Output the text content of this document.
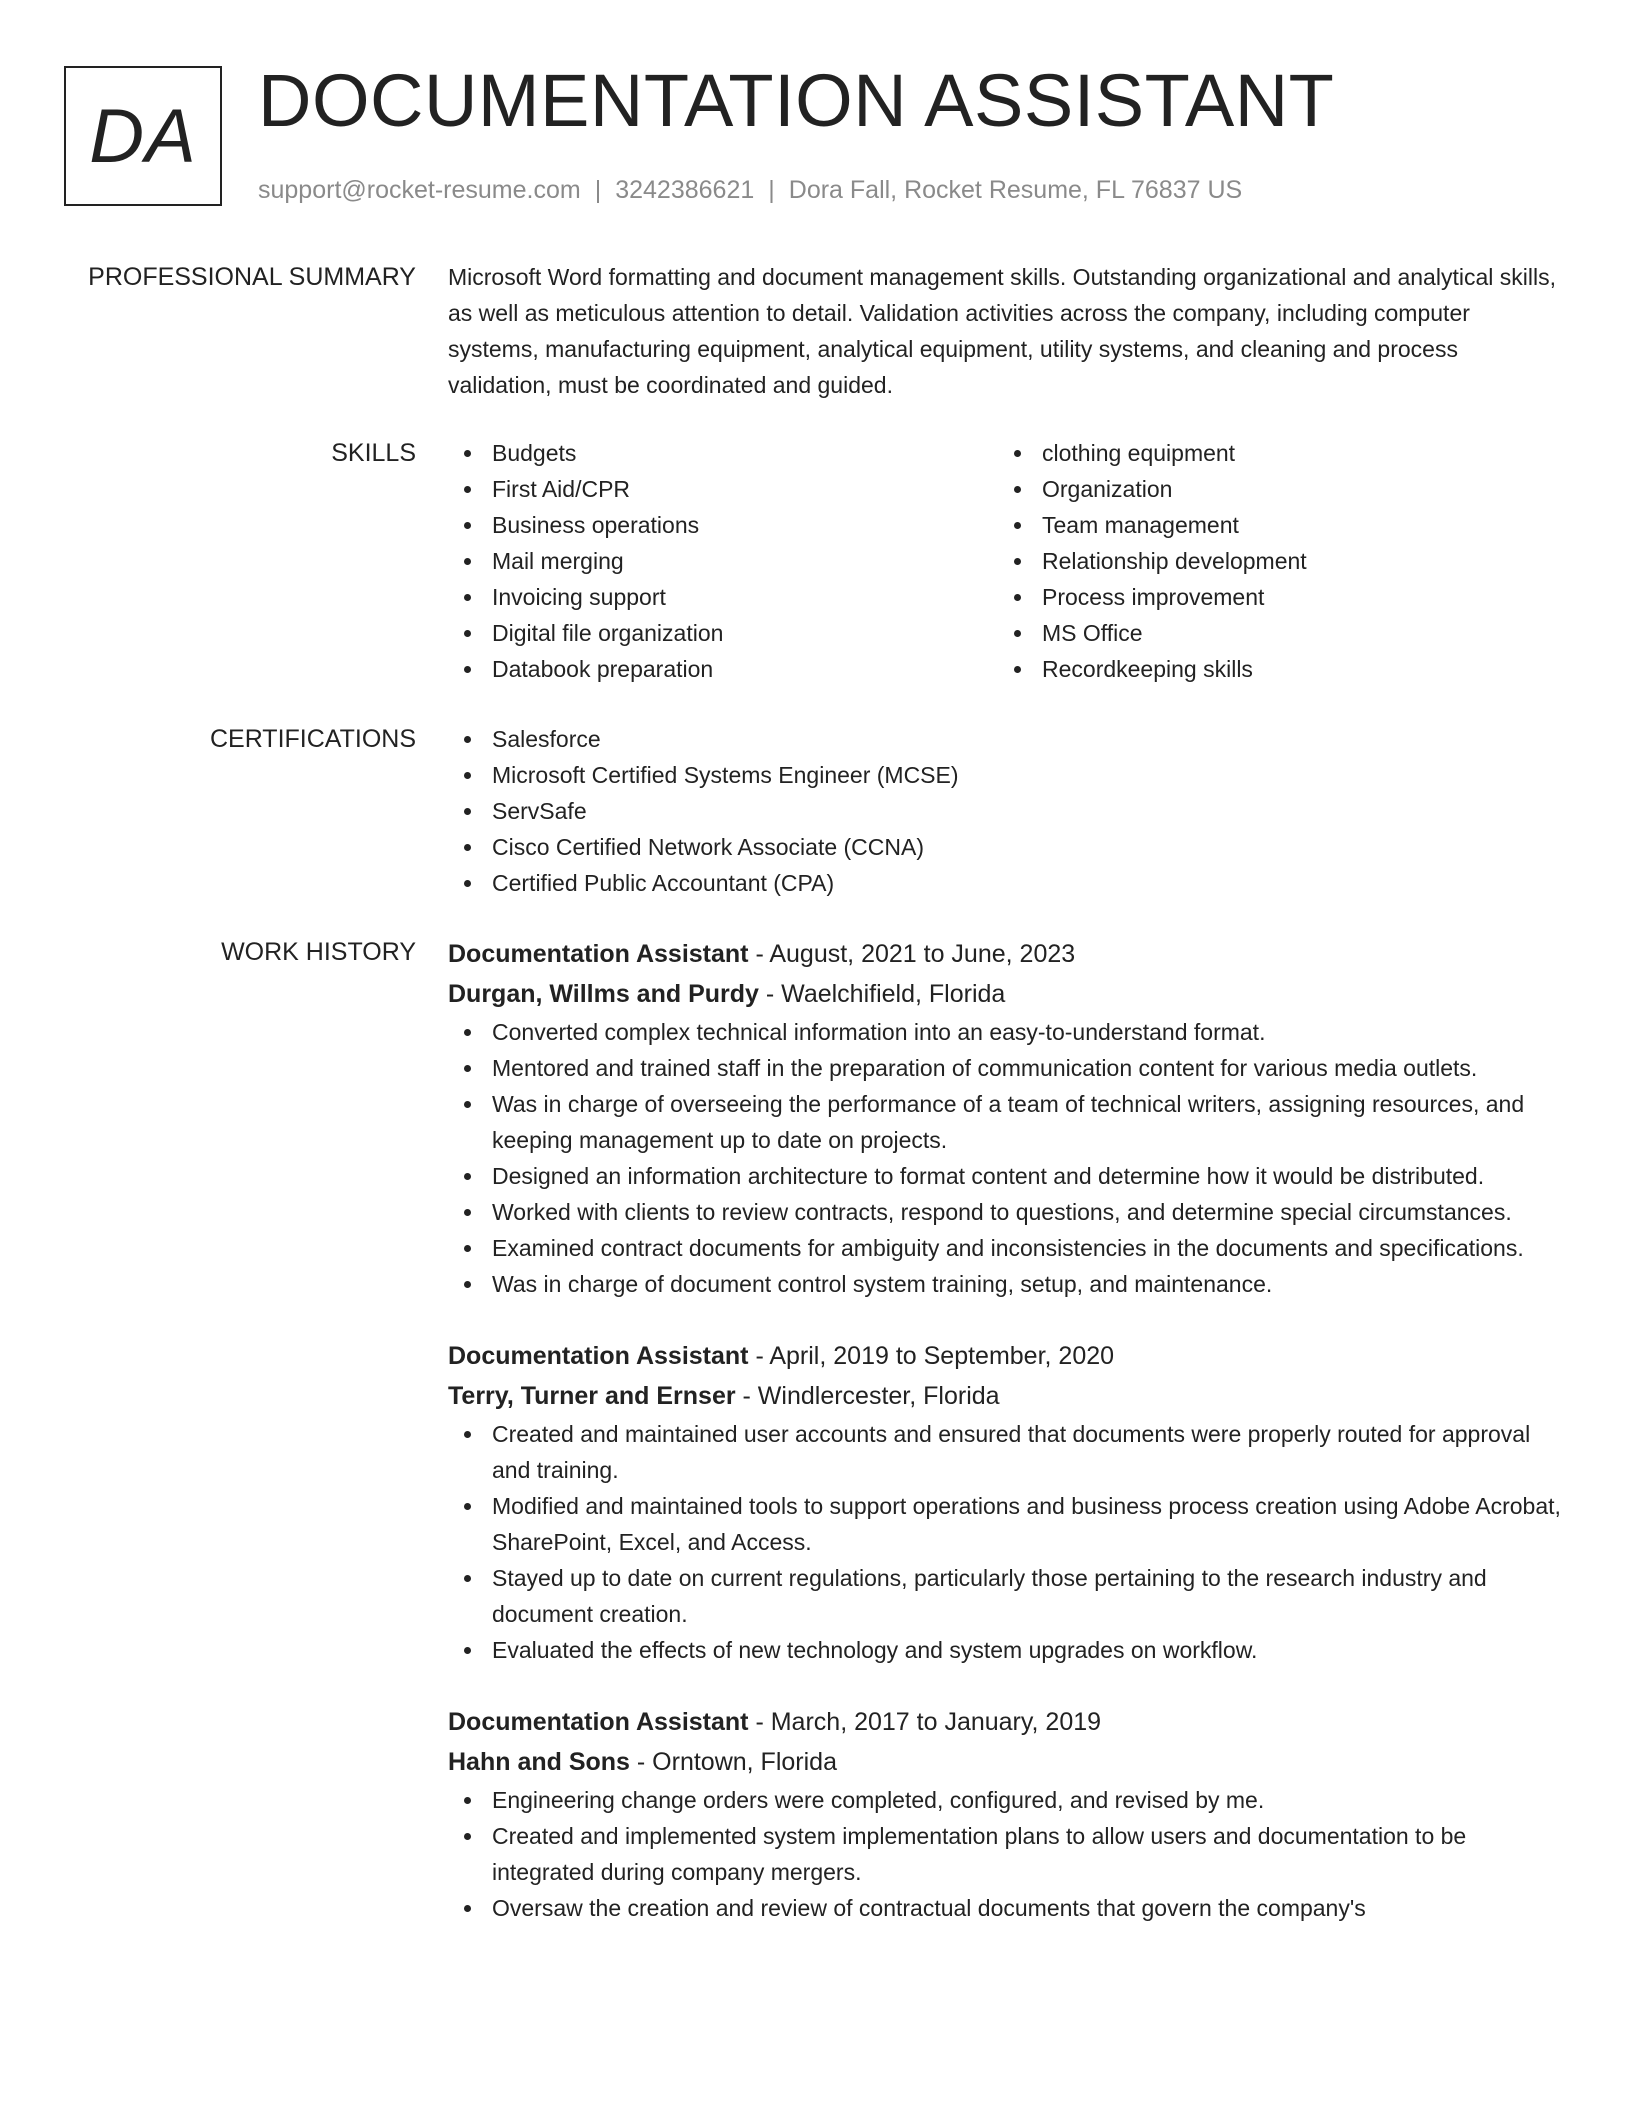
DA DOCUMENTATION ASSISTANT
support@rocket-resume.com | 3242386621 | Dora Fall, Rocket Resume, FL 76837 US
PROFESSIONAL SUMMARY Microsoft Word formatting and document management skills. Outstanding organizational and analytical skills, as well as meticulous attention to detail. Validation activities across the company, including computer systems, manufacturing equipment, analytical equipment, utility systems, and cleaning and process validation, must be coordinated and guided.
SKILLS	Budgets
First Aid/CPR
Business operations
Mail merging
Invoicing support
Digital file organization
Databook preparation
clothing equipment
Organization
Team management
Relationship development
Process improvement
MS Office
Recordkeeping skills
CERTIFICATIONS	Salesforce
Microsoft Certified Systems Engineer (MCSE)
ServSafe
Cisco Certified Network Associate (CCNA)
Certified Public Accountant (CPA)
WORK HISTORY Documentation Assistant - August, 2021 to June, 2023
Durgan, Willms and Purdy - Waelchifield, Florida
Converted complex technical information into an easy-to-understand format.
Mentored and trained staff in the preparation of communication content for various media outlets.
Was in charge of overseeing the performance of a team of technical writers, assigning resources, and keeping management up to date on projects.
Designed an information architecture to format content and determine how it would be distributed.
Worked with clients to review contracts, respond to questions, and determine special circumstances.
Examined contract documents for ambiguity and inconsistencies in the documents and specifications.
Was in charge of document control system training, setup, and maintenance.
Documentation Assistant - April, 2019 to September, 2020
Terry, Turner and Ernser - Windlercester, Florida
Created and maintained user accounts and ensured that documents were properly routed for approval and training.
Modified and maintained tools to support operations and business process creation using Adobe Acrobat, SharePoint, Excel, and Access.
Stayed up to date on current regulations, particularly those pertaining to the research industry and document creation.
Evaluated the effects of new technology and system upgrades on workflow.
Documentation Assistant - March, 2017 to January, 2019
Hahn and Sons - Orntown, Florida
Engineering change orders were completed, configured, and revised by me.
Created and implemented system implementation plans to allow users and documentation to be integrated during company mergers.
Oversaw the creation and review of contractual documents that govern the company's
